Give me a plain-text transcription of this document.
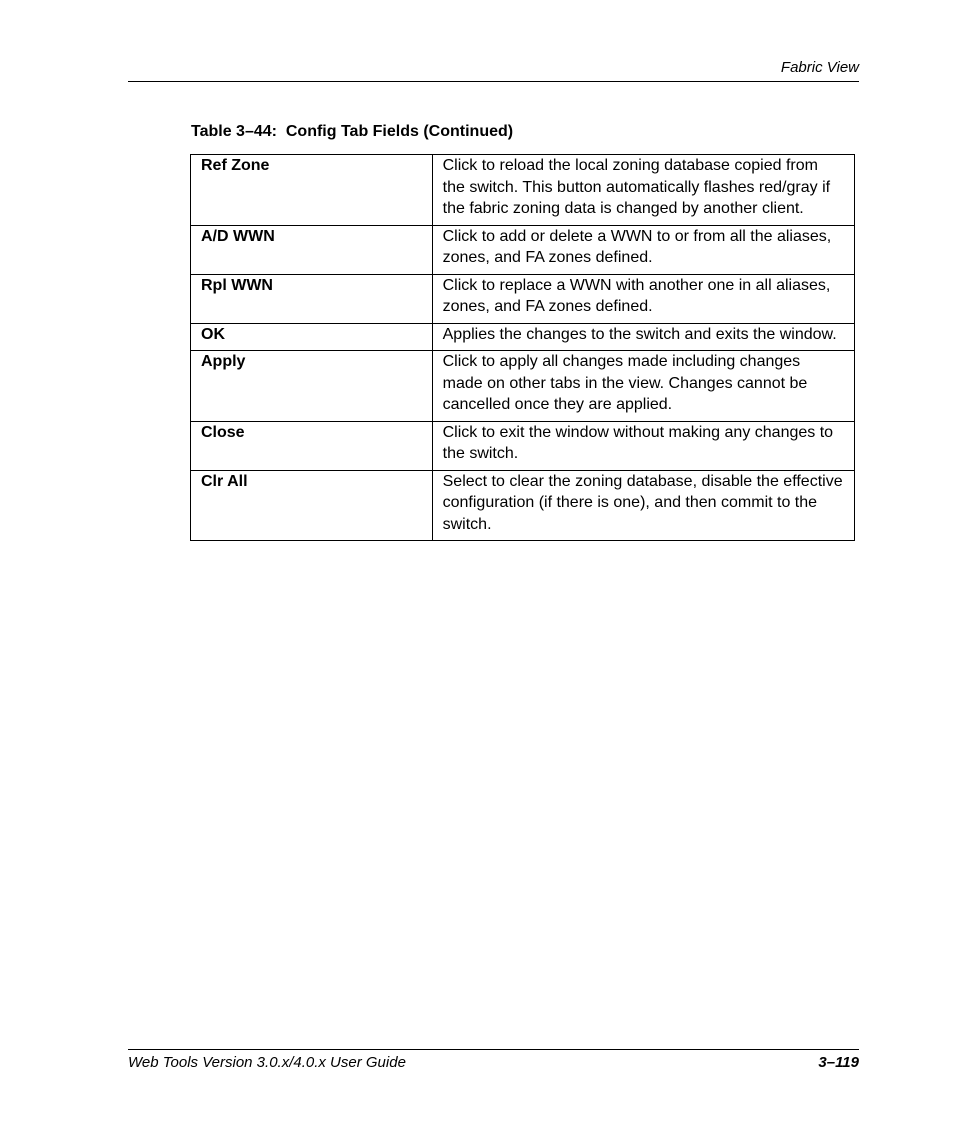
Fabric View
Table 3–44:  Config Tab Fields (Continued)
Ref Zone	Click to reload the local zoning database copied from the switch. This button automatically flashes red/gray if the fabric zoning data is changed by another client.
A/D WWN	Click to add or delete a WWN to or from all the aliases, zones, and FA zones defined.
Rpl WWN	Click to replace a WWN with another one in all aliases, zones, and FA zones defined.
OK	Applies the changes to the switch and exits the window.
Apply	Click to apply all changes made including changes made on other tabs in the view. Changes cannot be cancelled once they are applied.
Close	Click to exit the window without making any changes to the switch.
Clr All	Select to clear the zoning database, disable the effective configuration (if there is one), and then commit to the switch.
Web Tools Version 3.0.x/4.0.x User Guide	3–119
